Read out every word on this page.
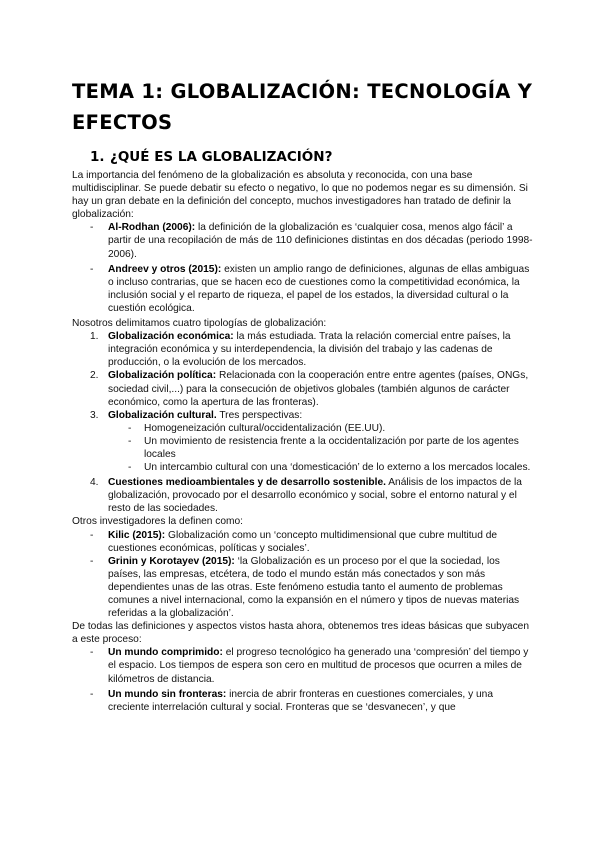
TEMA 1: GLOBALIZACIÓN: TECNOLOGÍA Y EFECTOS
1. ¿QUÉ ES LA GLOBALIZACIÓN?

La importancia del fenómeno de la globalización es absoluta y reconocida, con una base multidisciplinar. Se puede debatir su efecto o negativo, lo que no podemos negar es su dimensión. Si hay un gran debate en la definición del concepto, muchos investigadores han tratado de definir la globalización:

- Al-Rodhan (2006): la definición de la globalización es ‘cualquier cosa, menos algo fácil’ a partir de una recopilación de más de 110 definiciones distintas en dos décadas (periodo 1998-2006).
- Andreev y otros (2015): existen un amplio rango de definiciones, algunas de ellas ambiguas o incluso contrarias, que se hacen eco de cuestiones como la competitividad económica, la inclusión social y el reparto de riqueza, el papel de los estados, la diversidad cultural o la cuestión ecológica.

Nosotros delimitamos cuatro tipologías de globalización:

1. Globalización económica: la más estudiada. Trata la relación comercial entre países, la integración económica y su interdependencia, la división del trabajo y las cadenas de producción, o la evolución de los mercados.
2. Globalización política: Relacionada con la cooperación entre entre agentes (países, ONGs, sociedad civil,...) para la consecución de objetivos globales (también algunos de carácter económico, como la apertura de las fronteras).
3. Globalización cultural. Tres perspectivas:
- Homogeneización cultural/occidentalización (EE.UU).
- Un movimiento de resistencia frente a la occidentalización por parte de los agentes locales
- Un intercambio cultural con una ‘domesticación’ de lo externo a los mercados locales.
4. Cuestiones medioambientales y de desarrollo sostenible. Análisis de los impactos de la globalización, provocado por el desarrollo económico y social, sobre el entorno natural y el resto de las sociedades.

Otros investigadores la definen como:

- Kilic (2015): Globalización como un ‘concepto multidimensional que cubre multitud de cuestiones económicas, políticas y sociales’.
- Grinin y Korotayev (2015): ‘la Globalización es un proceso por el que la sociedad, los países, las empresas, etcétera, de todo el mundo están más conectados y son más dependientes unas de las otras. Este fenómeno estudia tanto el aumento de problemas comunes a nivel internacional, como la expansión en el número y tipos de nuevas materias referidas a la globalización’.

De todas las definiciones y aspectos vistos hasta ahora, obtenemos tres ideas básicas que subyacen a este proceso:

- Un mundo comprimido: el progreso tecnológico ha generado una ‘compresión’ del tiempo y el espacio. Los tiempos de espera son cero en multitud de procesos que ocurren a miles de kilómetros de distancia.
- Un mundo sin fronteras: inercia de abrir fronteras en cuestiones comerciales, y una creciente interrelación cultural y social. Fronteras que se ‘desvanecen’, y que
